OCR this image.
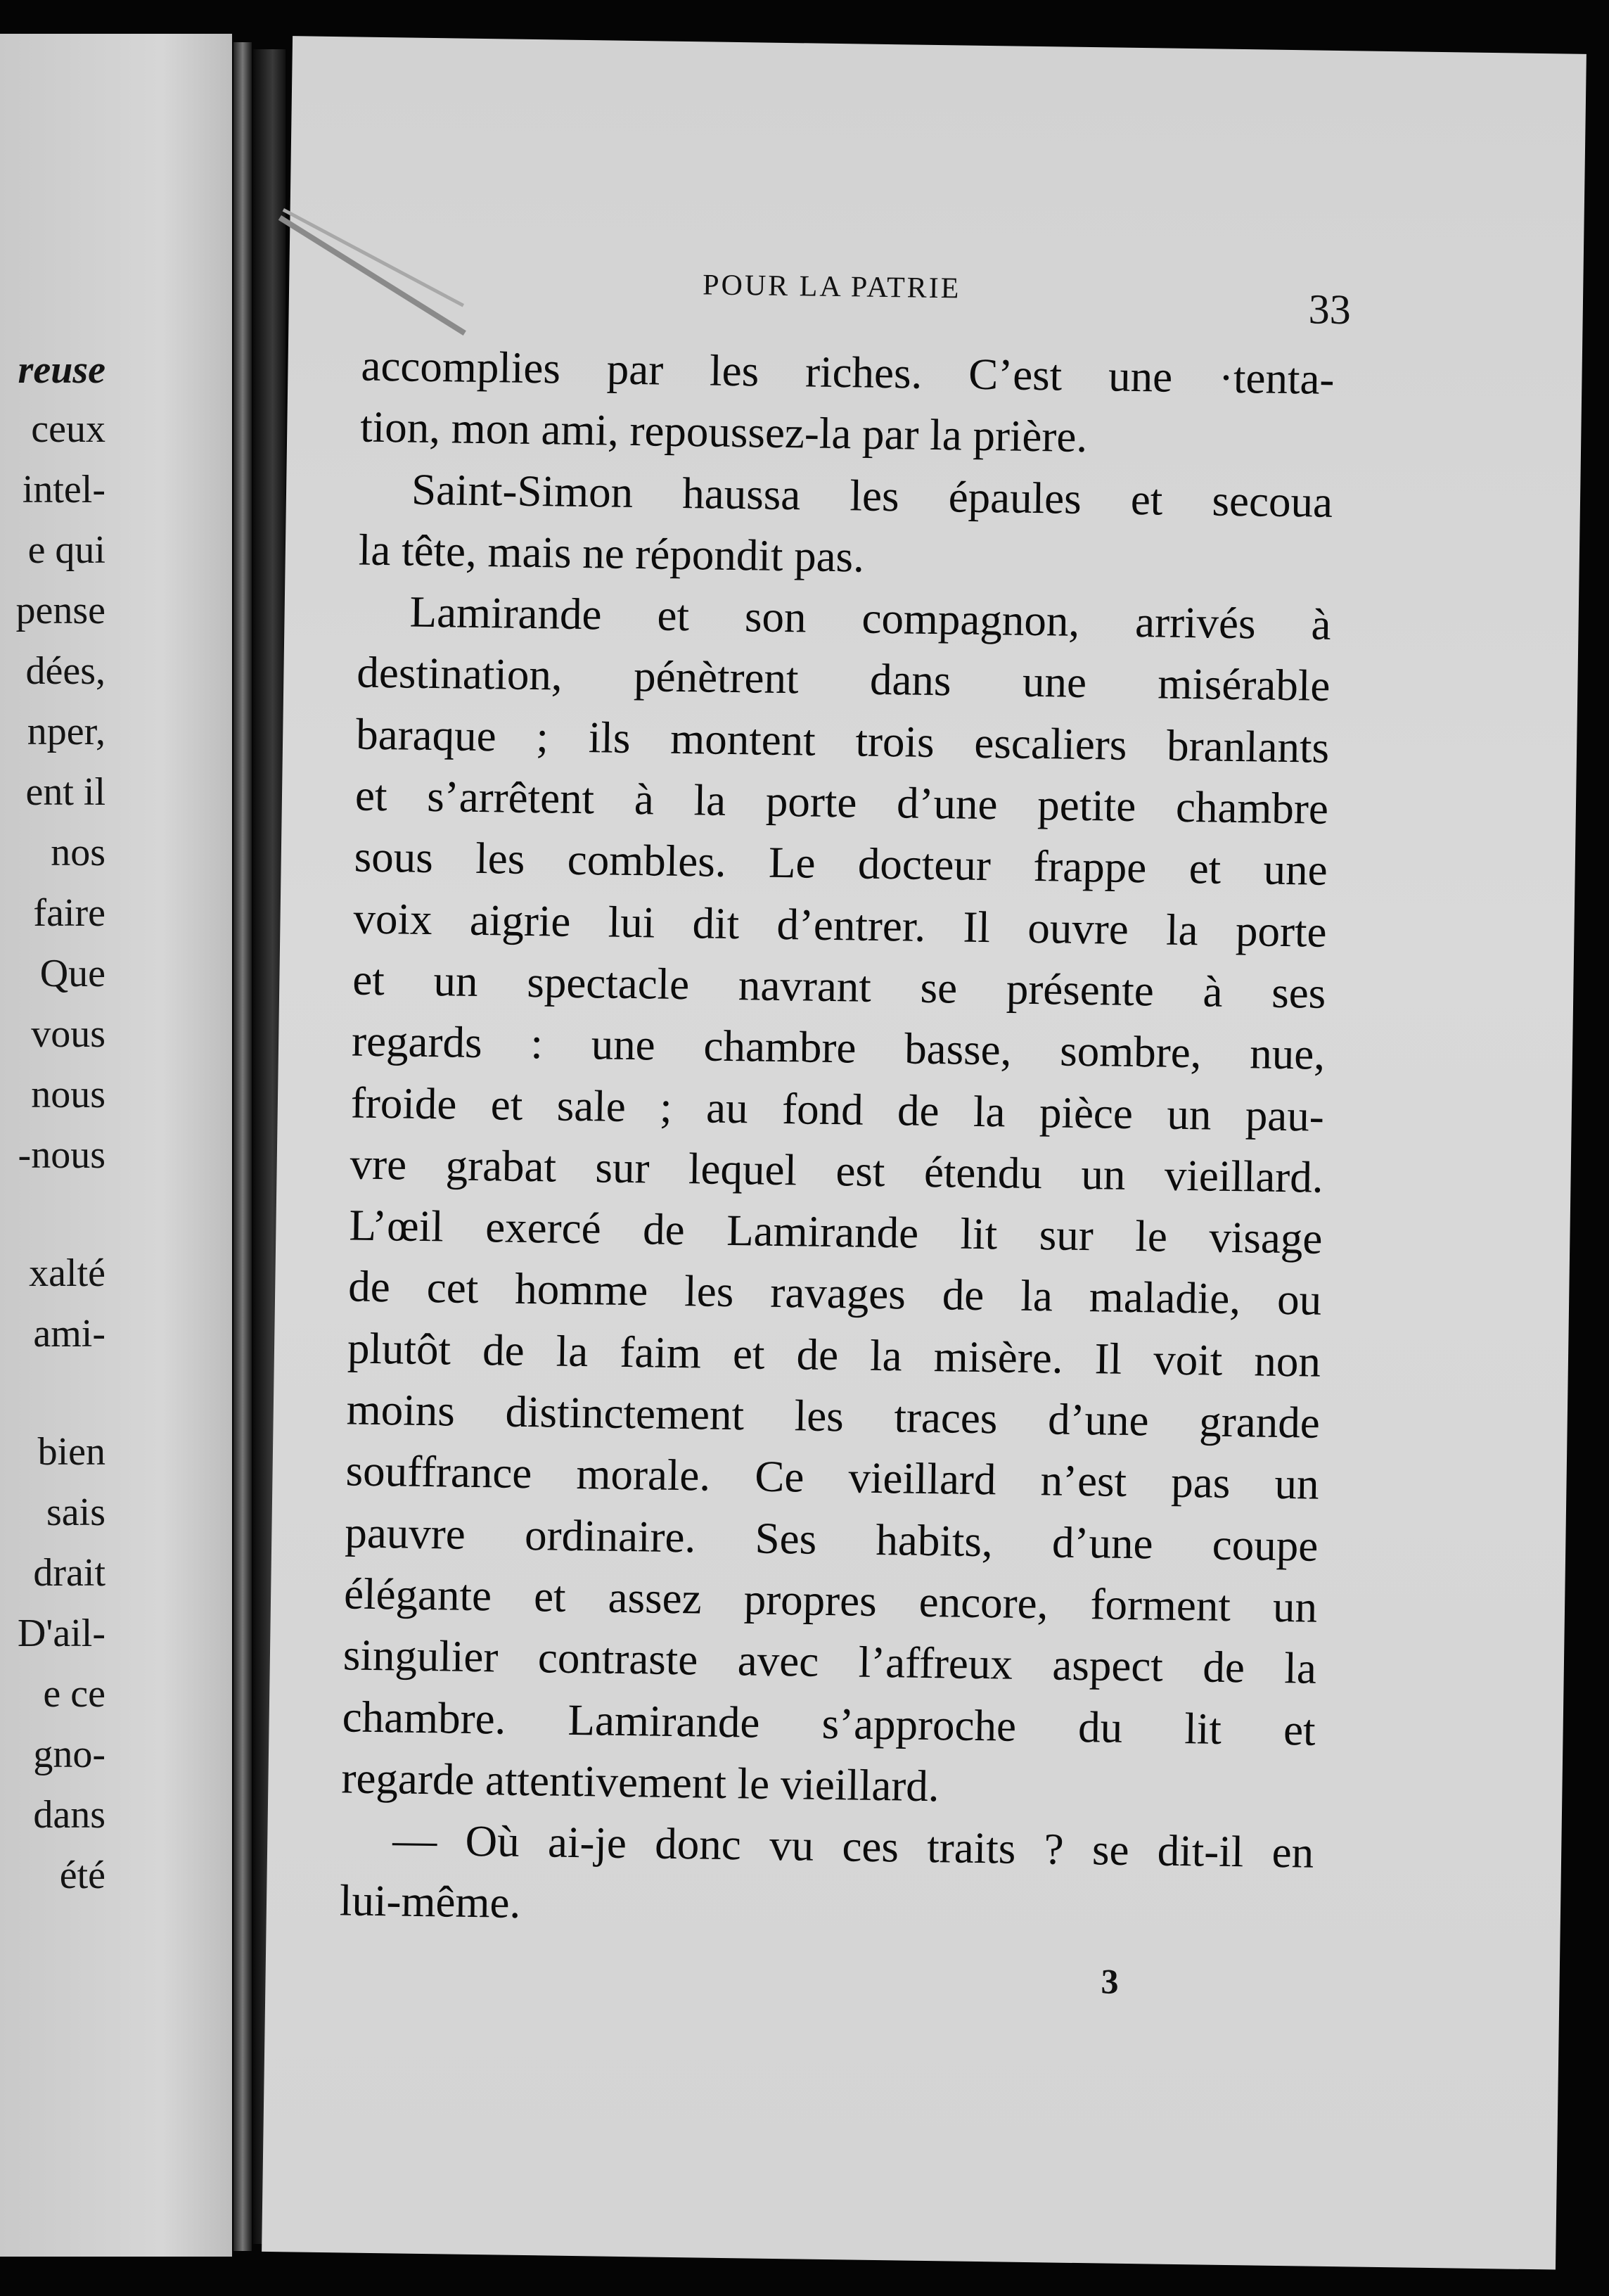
reuse
ceux
intel-
e qui
pense
dées,
nper,
ent il
nos
faire
Que
vous
nous
-nous
xalté
ami-
bien
sais
drait
D'ail-
e ce
gno-
dans
été
POUR LA PATRIE	33
accomplies par les riches. C’est une ·tenta-
tion, mon ami, repoussez-la par la prière.
Saint-Simon haussa les épaules et secoua
la tête, mais ne répondit pas.
Lamirande et son compagnon, arrivés à
destination, pénètrent dans une misérable
baraque ; ils montent trois escaliers branlants
et s’arrêtent à la porte d’une petite chambre
sous les combles. Le docteur frappe et une
voix aigrie lui dit d’entrer. Il ouvre la porte
et un spectacle navrant se présente à ses
regards : une chambre basse, sombre, nue,
froide et sale ; au fond de la pièce un pau-
vre grabat sur lequel est étendu un vieillard.
L’œil exercé de Lamirande lit sur le visage
de cet homme les ravages de la maladie, ou
plutôt de la faim et de la misère. Il voit non
moins distinctement les traces d’une grande
souffrance morale. Ce vieillard n’est pas un
pauvre ordinaire. Ses habits, d’une coupe
élégante et assez propres encore, forment un
singulier contraste avec l’affreux aspect de la
chambre. Lamirande s’approche du lit et
regarde attentivement le vieillard.
— Où ai-je donc vu ces traits ? se dit-il en
lui-même.
3
